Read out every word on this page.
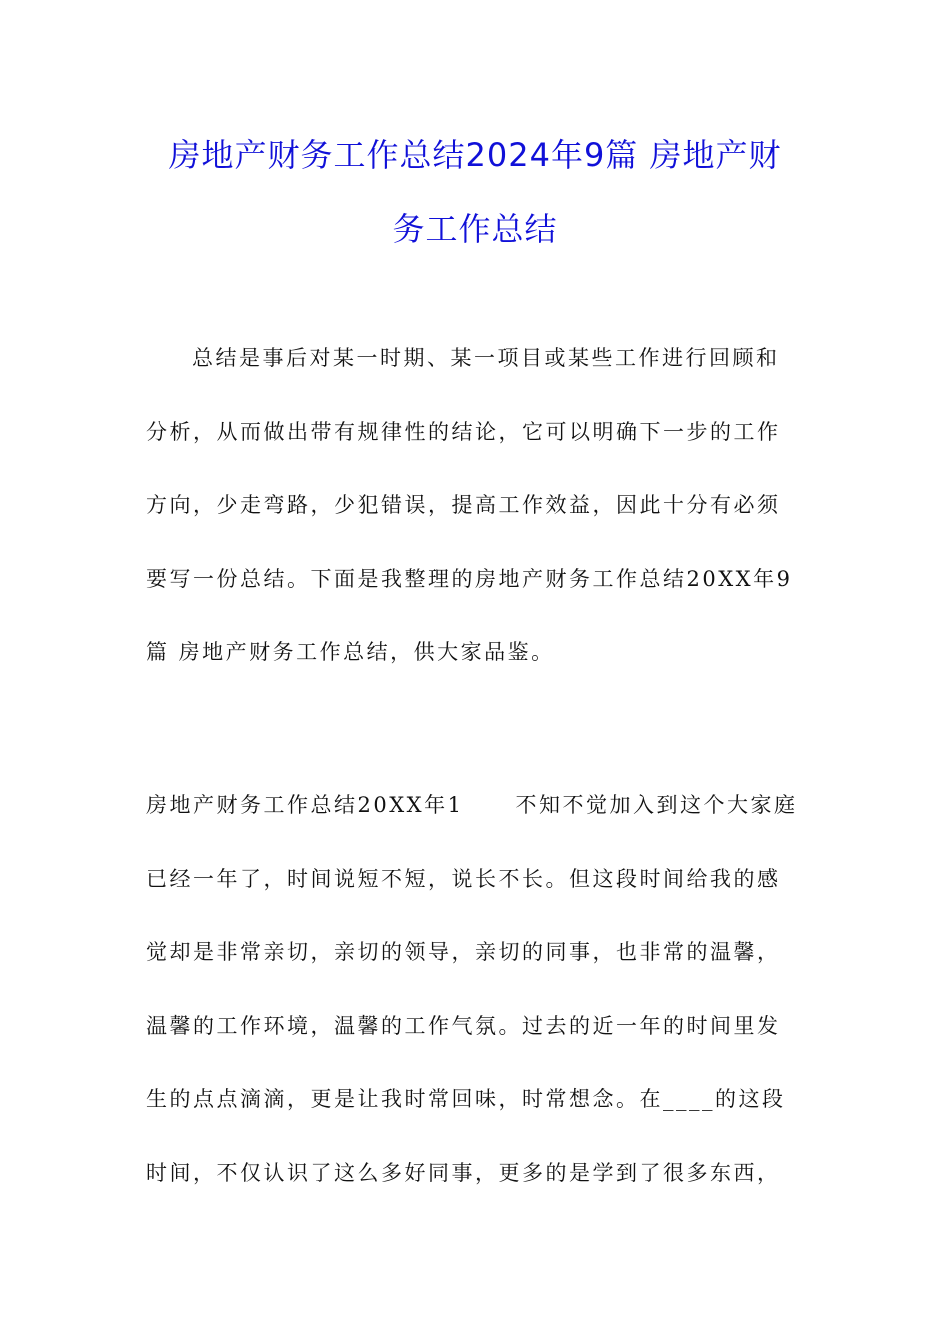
房地产财务工作总结2024年9篇 房地产财
务工作总结
总结是事后对某一时期、某一项目或某些工作进行回顾和
分析，从而做出带有规律性的结论，它可以明确下一步的工作
方向，少走弯路，少犯错误，提高工作效益，因此十分有必须
要写一份总结。下面是我整理的房地产财务工作总结20XX年9
篇 房地产财务工作总结，供大家品鉴。
房地产财务工作总结20XX年1 不知不觉加入到这个大家庭
已经一年了，时间说短不短，说长不长。但这段时间给我的感
觉却是非常亲切，亲切的领导，亲切的同事，也非常的温馨，
温馨的工作环境，温馨的工作气氛。过去的近一年的时间里发
生的点点滴滴，更是让我时常回味，时常想念。在____的这段
时间，不仅认识了这么多好同事，更多的是学到了很多东西，
